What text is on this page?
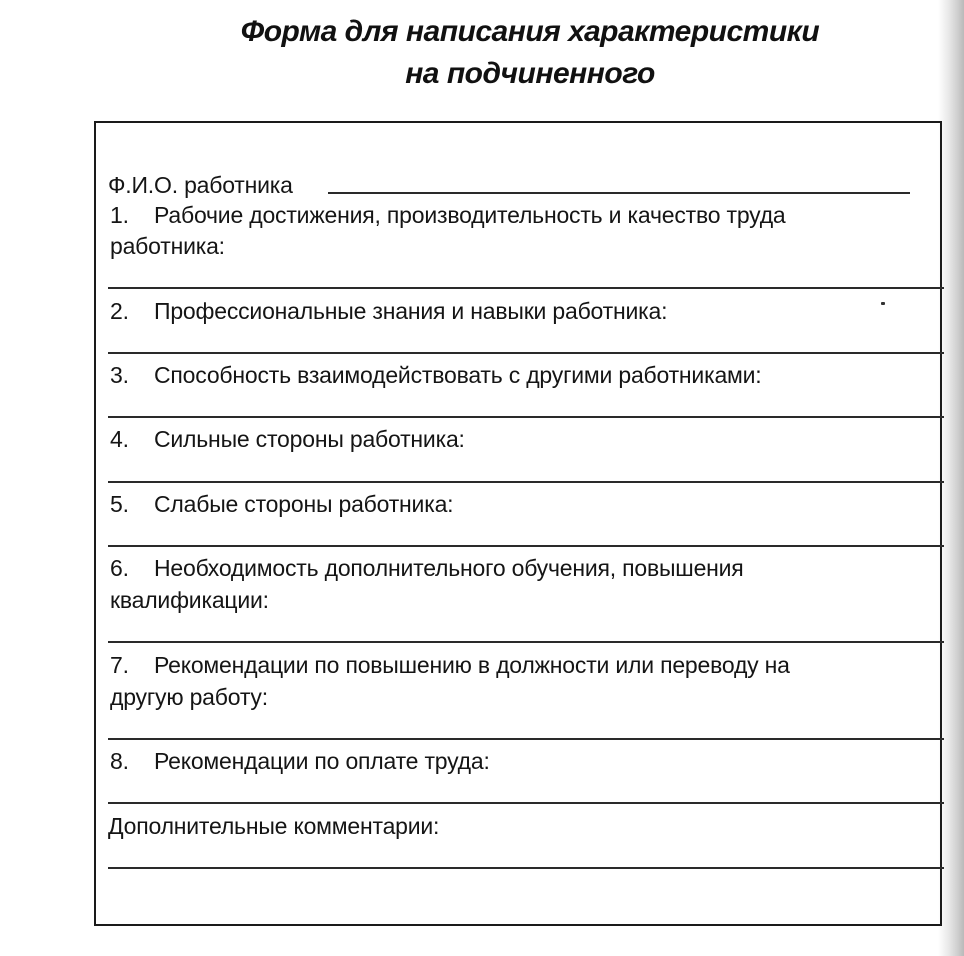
Форма для написания характеристики
на подчиненного
Ф.И.О. работника
1. Рабочие достижения, производительность и качество труда
работника:
2. Профессиональные знания и навыки работника:
3. Способность взаимодействовать с другими работниками:
4. Сильные стороны работника:
5. Слабые стороны работника:
6. Необходимость дополнительного обучения, повышения
квалификации:
7. Рекомендации по повышению в должности или переводу на
другую работу:
8. Рекомендации по оплате труда:
Дополнительные комментарии:
